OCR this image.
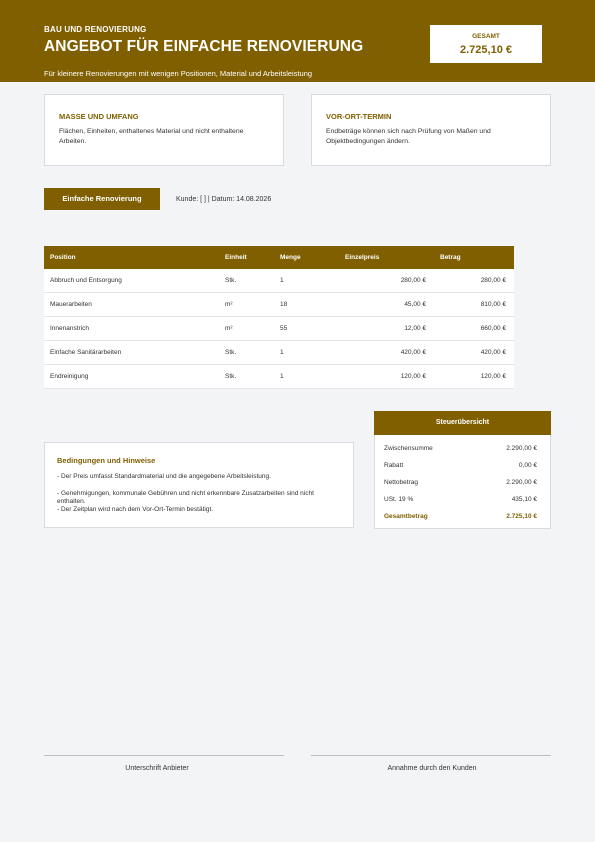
BAU UND RENOVIERUNG
ANGEBOT FÜR EINFACHE RENOVIERUNG
Für kleinere Renovierungen mit wenigen Positionen, Material und Arbeitsleistung
GESAMT
2.725,10 €
MASSE UND UMFANG
Flächen, Einheiten, enthaltenes Material und nicht enthaltene Arbeiten.
VOR-ORT-TERMIN
Endbeträge können sich nach Prüfung von Maßen und Objektbedingungen ändern.
Einfache Renovierung	Kunde: [ ] | Datum: 14.08.2026
Position	Einheit	Menge	Einzelpreis	Betrag
Abbruch und Entsorgung	Stk.	1	280,00 €	280,00 €
Mauerarbeiten	m²	18	45,00 €	810,00 €
Innenanstrich	m²	55	12,00 €	660,00 €
Einfache Sanitärarbeiten	Stk.	1	420,00 €	420,00 €
Endreinigung	Stk.	1	120,00 €	120,00 €
Steuerübersicht
Zwischensumme	2.290,00 €
Rabatt	0,00 €
Nettobetrag	2.290,00 €
USt. 19 %	435,10 €
Gesamtbetrag	2.725,10 €
Bedingungen und Hinweise
- Der Preis umfasst Standardmaterial und die angegebene Arbeitsleistung.
- Genehmigungen, kommunale Gebühren und nicht erkennbare Zusatzarbeiten sind nicht enthalten.
- Der Zeitplan wird nach dem Vor-Ort-Termin bestätigt.
Unterschrift Anbieter	Annahme durch den Kunden
